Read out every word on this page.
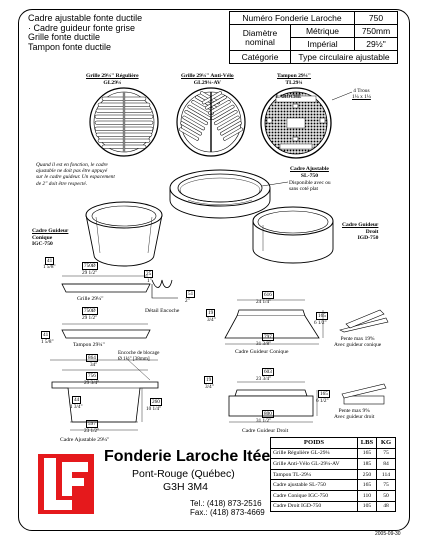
Cadre ajustable fonte ductile
· Cadre guideur fonte grise
Grille fonte ductile
Tampon fonte ductile
Numéro Fonderie Laroche		750
Diamètre nominal	Métrique	750mm
	Impérial	29½"
Catégorie	Type circulaire ajustable	
Grille 29¼" Régulière
GL29¼
Grille 29¼" Anti-Vélo
GL29¼-AV
Tampon 29¼"
TL29¼
LAROCHE
4 Trous
1¼ x 1¼
Quand il est en fonction, le cadre
ajustable ne doit pas être appuyé
sur le cadre guideur. Un espacement
de 2" doit être respecté.
Cadre Ajustable
SL-750
Disponible avec ou
sans coté plat
Cadre Guideur
Conique
IGC-750
Cadre Guideur
Droit
IGD-750
41
1 5/8"	750Ø
29 1/2"	25
1"
51
2"
Grille 29¼"
Détail Encoche
750Ø
29 1/2"
41
1 5/8"	Tampon 29¼"
864
34"
756
29 3/4"
44
1 3/4"
597
23 1/2"
260
10 1/4"
Encoche de blocage
Ø 1½" [38mm]
Cadre Ajustable 29¼"
616
24 1/4"
19
3/4"
797
31 3/8"
165
6 1/2"
Cadre Guideur Conique
Pente max 19%
Avec guideur conique
Pente max 9%
Avec guideur droit
603
23 3/4"
19
3/4"
800
31 1/2"
165
6 1/2"
Cadre Guideur Droit
POIDS	LBS	KG
Grille Régulière GL-29¼	165	75
Grille Anti-Vélo GL-29¼-AV	185	84
Tampon TL-29¼	250	114
Cadre ajustable SL-750	165	75
Cadre Conique IGC-750	110	50
Cadre Droit IGD-750	105	48
Fonderie Laroche Itée
Pont-Rouge (Québec)
G3H 3M4
Tel.: (418) 873-2516
Fax.: (418) 873-4669
2005-09-30
